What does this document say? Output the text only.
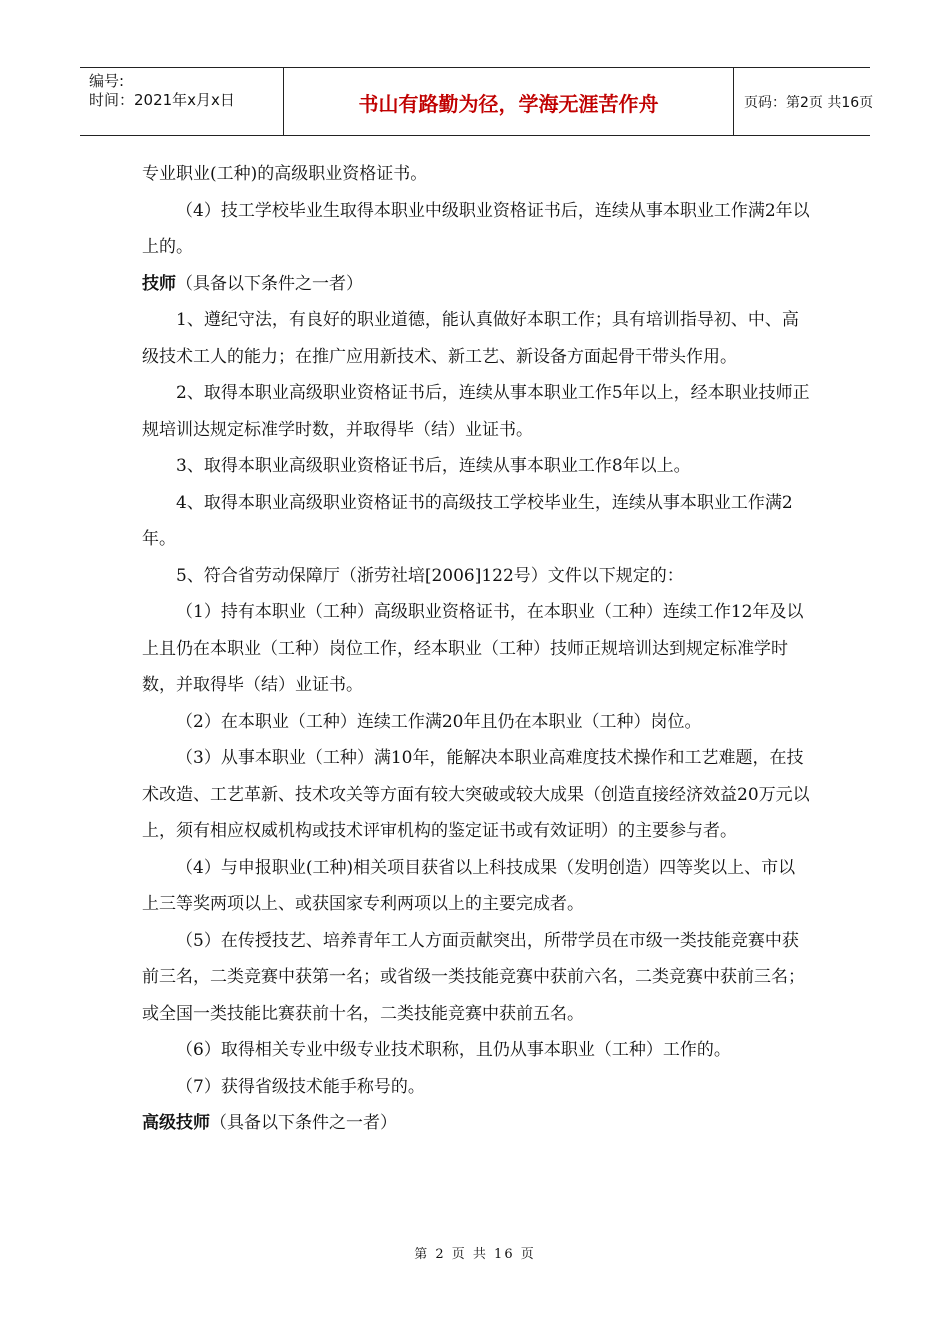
编号:
时间：2021年x月x日	书山有路勤为径，学海无涯苦作舟	页码：第2页 共16页

专业职业(工种)的高级职业资格证书。

（4）技工学校毕业生取得本职业中级职业资格证书后，连续从事本职业工作满2年以上的。

技师（具备以下条件之一者）

1、遵纪守法，有良好的职业道德，能认真做好本职工作；具有培训指导初、中、高级技术工人的能力；在推广应用新技术、新工艺、新设备方面起骨干带头作用。

2、取得本职业高级职业资格证书后，连续从事本职业工作5年以上，经本职业技师正规培训达规定标准学时数，并取得毕（结）业证书。

3、取得本职业高级职业资格证书后，连续从事本职业工作8年以上。

4、取得本职业高级职业资格证书的高级技工学校毕业生，连续从事本职业工作满2年。

5、符合省劳动保障厅（浙劳社培[2006]122号）文件以下规定的：

（1）持有本职业（工种）高级职业资格证书，在本职业（工种）连续工作12年及以上且仍在本职业（工种）岗位工作，经本职业（工种）技师正规培训达到规定标准学时数，并取得毕（结）业证书。

（2）在本职业（工种）连续工作满20年且仍在本职业（工种）岗位。

（3）从事本职业（工种）满10年，能解决本职业高难度技术操作和工艺难题，在技术改造、工艺革新、技术攻关等方面有较大突破或较大成果（创造直接经济效益20万元以上，须有相应权威机构或技术评审机构的鉴定证书或有效证明）的主要参与者。

（4）与申报职业(工种)相关项目获省以上科技成果（发明创造）四等奖以上、市以上三等奖两项以上、或获国家专利两项以上的主要完成者。

（5）在传授技艺、培养青年工人方面贡献突出，所带学员在市级一类技能竞赛中获前三名，二类竞赛中获第一名；或省级一类技能竞赛中获前六名，二类竞赛中获前三名；或全国一类技能比赛获前十名，二类技能竞赛中获前五名。

（6）取得相关专业中级专业技术职称，且仍从事本职业（工种）工作的。

（7）获得省级技术能手称号的。

高级技师（具备以下条件之一者）

第 2 页 共 16 页
